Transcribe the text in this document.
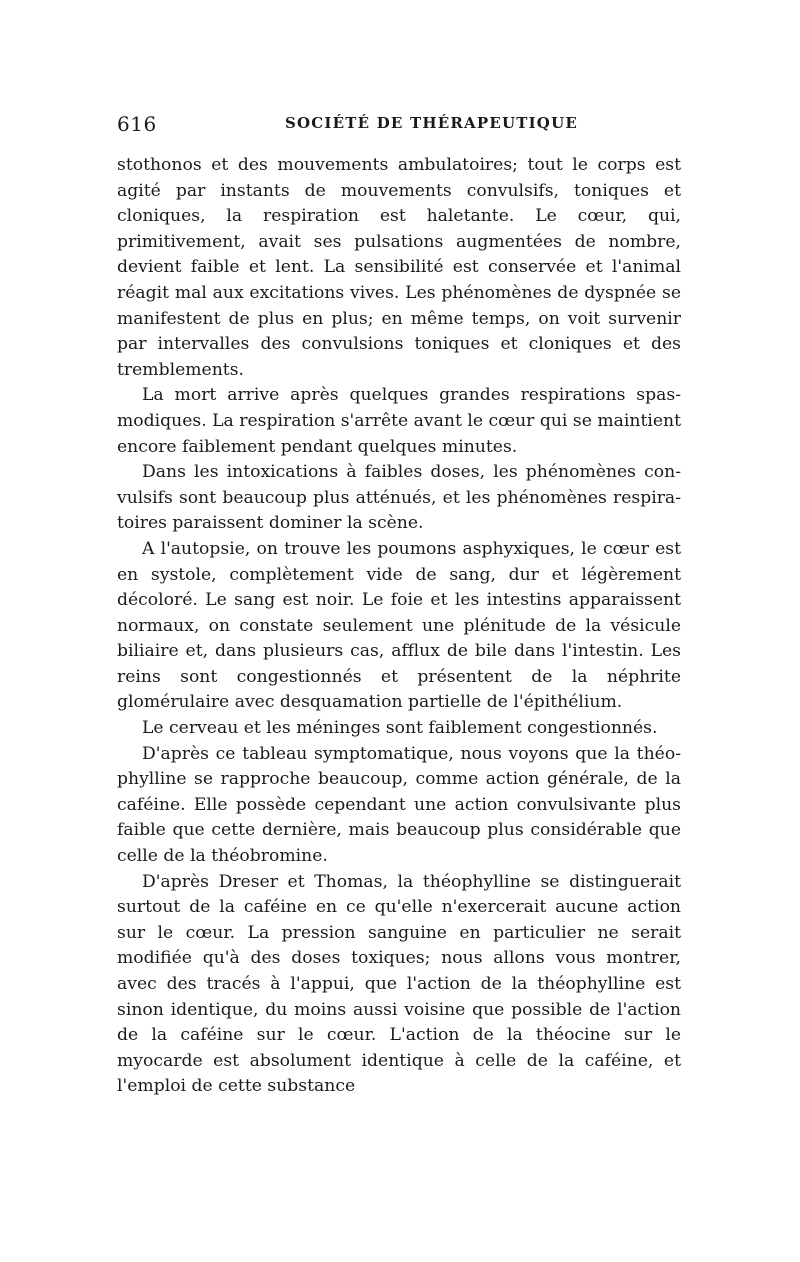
616	SOCIÉTÉ DE THÉRAPEUTIQUE

stothonos et des mouvements ambulatoires; tout le corps est agité par instants de mouvements convulsifs, toniques et cloniques, la respiration est haletante. Le cœur, qui, primitivement, avait ses pulsations augmentées de nombre, devient faible et lent. La sensibilité est conservée et l'animal réagit mal aux excitations vives. Les phénomènes de dyspnée se manifestent de plus en plus; en même temps, on voit survenir par intervalles des convulsions toniques et cloniques et des tremblements.

La mort arrive après quelques grandes respirations spasmodiques. La respiration s'arrête avant le cœur qui se maintient encore faiblement pendant quelques minutes.

Dans les intoxications à faibles doses, les phénomènes convulsifs sont beaucoup plus atténués, et les phénomènes respiratoires paraissent dominer la scène.

A l'autopsie, on trouve les poumons asphyxiques, le cœur est en systole, complètement vide de sang, dur et légèrement décoloré. Le sang est noir. Le foie et les intestins apparaissent normaux, on constate seulement une plénitude de la vésicule biliaire et, dans plusieurs cas, afflux de bile dans l'intestin. Les reins sont congestionnés et présentent de la néphrite glomérulaire avec desquamation partielle de l'épithélium.

Le cerveau et les méninges sont faiblement congestionnés.

D'après ce tableau symptomatique, nous voyons que la théophylline se rapproche beaucoup, comme action générale, de la caféine. Elle possède cependant une action convulsivante plus faible que cette dernière, mais beaucoup plus considérable que celle de la théobromine.

D'après Dreser et Thomas, la théophylline se distinguerait surtout de la caféine en ce qu'elle n'exercerait aucune action sur le cœur. La pression sanguine en particulier ne serait modifiée qu'à des doses toxiques; nous allons vous montrer, avec des tracés à l'appui, que l'action de la théophylline est sinon identique, du moins aussi voisine que possible de l'action de la caféine sur le cœur. L'action de la théocine sur le myocarde est absolument identique à celle de la caféine, et l'emploi de cette substance
